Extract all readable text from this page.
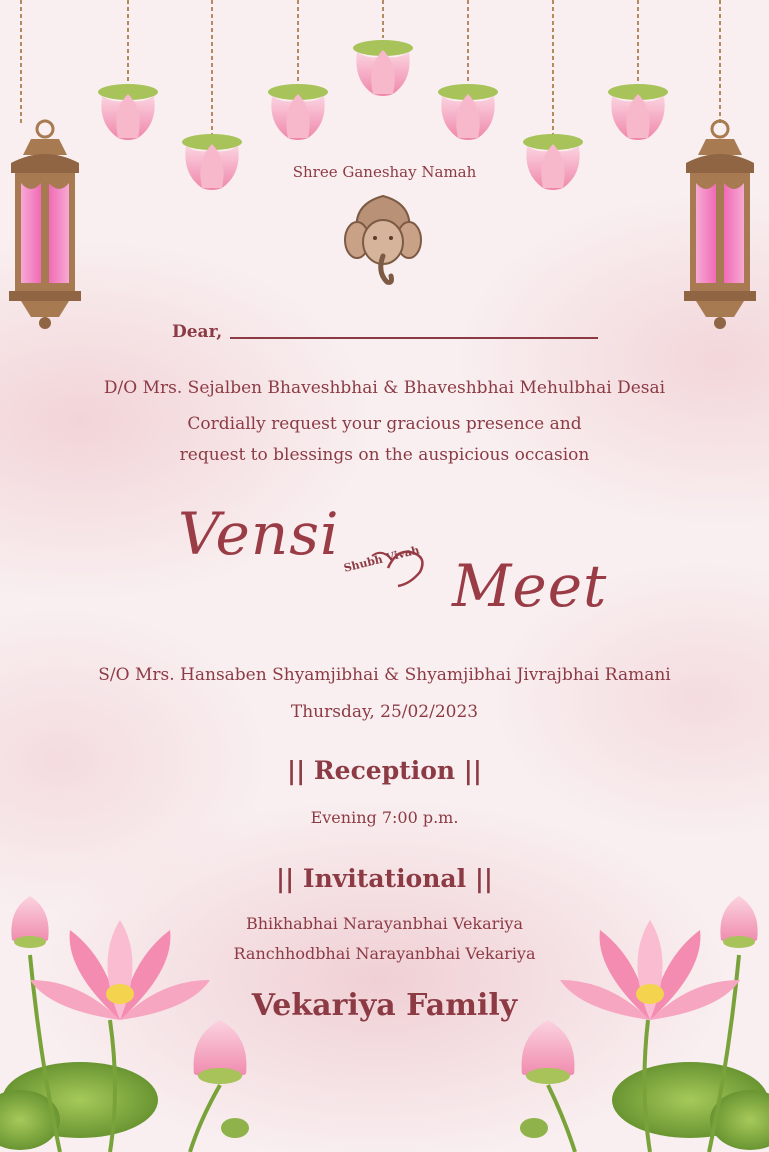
Shree Ganeshay Namah

Dear,

D/O Mrs. Sejalben Bhaveshbhai & Bhaveshbhai Mehulbhai Desai

Cordially request your gracious presence and

request to blessings on the auspicious occasion

Vensi Shubh Vivah Meet

S/O Mrs. Hansaben Shyamjibhai & Shyamjibhai Jivrajbhai Ramani

Thursday, 25/02/2023

|| Reception ||

Evening 7:00 p.m.

|| Invitational ||

Bhikhabhai Narayanbhai Vekariya

Ranchhodbhai Narayanbhai Vekariya

Vekariya Family
